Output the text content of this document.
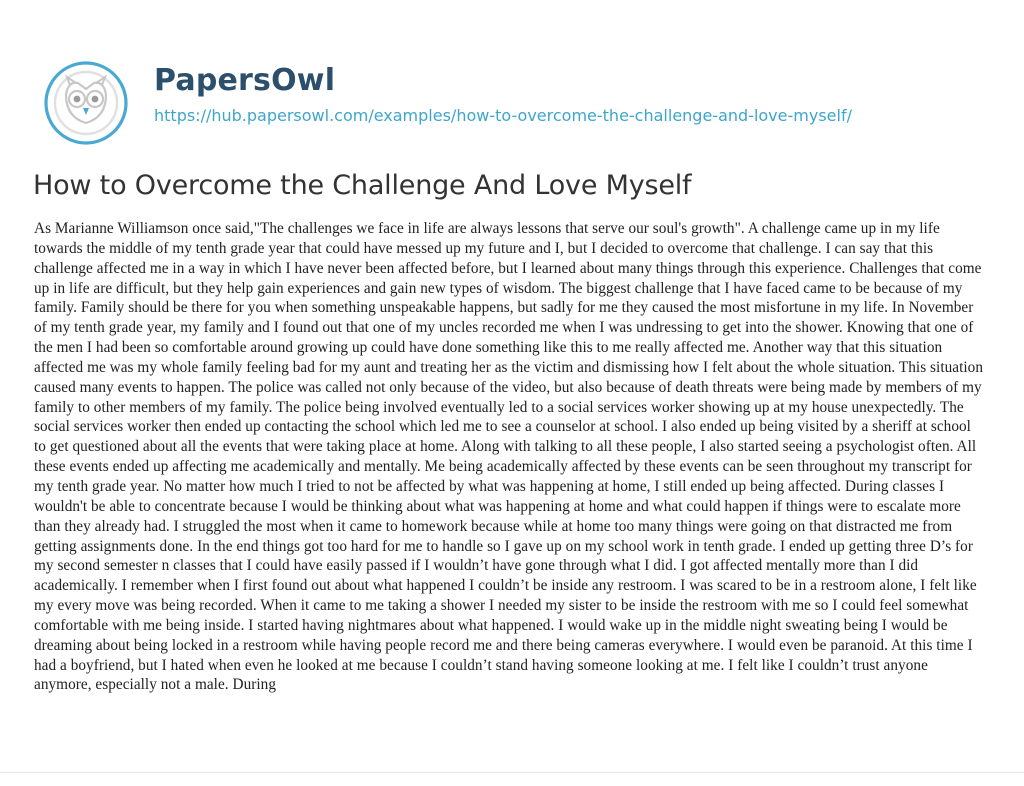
PapersOwl
https://hub.papersowl.com/examples/how-to-overcome-the-challenge-and-love-myself/
How to Overcome the Challenge And Love Myself

As Marianne Williamson once said,"The challenges we face in life are always lessons that serve our soul's growth". A challenge came up in my life towards the middle of my tenth grade year that could have messed up my future and I, but I decided to overcome that challenge. I can say that this challenge affected me in a way in which I have never been affected before, but I learned about many things through this experience. Challenges that come up in life are difficult, but they help gain experiences and gain new types of wisdom. The biggest challenge that I have faced came to be because of my family. Family should be there for you when something unspeakable happens, but sadly for me they caused the most misfortune in my life. In November of my tenth grade year, my family and I found out that one of my uncles recorded me when I was undressing to get into the shower. Knowing that one of the men I had been so comfortable around growing up could have done something like this to me really affected me. Another way that this situation affected me was my whole family feeling bad for my aunt and treating her as the victim and dismissing how I felt about the whole situation. This situation caused many events to happen. The police was called not only because of the video, but also because of death threats were being made by members of my family to other members of my family. The police being involved eventually led to a social services worker showing up at my house unexpectedly. The social services worker then ended up contacting the school which led me to see a counselor at school. I also ended up being visited by a sheriff at school to get questioned about all the events that were taking place at home. Along with talking to all these people, I also started seeing a psychologist often. All these events ended up affecting me academically and mentally. Me being academically affected by these events can be seen throughout my transcript for my tenth grade year. No matter how much I tried to not be affected by what was happening at home, I still ended up being affected. During classes I wouldn't be able to concentrate because I would be thinking about what was happening at home and what could happen if things were to escalate more than they already had. I struggled the most when it came to homework because while at home too many things were going on that distracted me from getting assignments done. In the end things got too hard for me to handle so I gave up on my school work in tenth grade. I ended up getting three D’s for my second semester n classes that I could have easily passed if I wouldn’t have gone through what I did. I got affected mentally more than I did academically. I remember when I first found out about what happened I couldn’t be inside any restroom. I was scared to be in a restroom alone, I felt like my every move was being recorded. When it came to me taking a shower I needed my sister to be inside the restroom with me so I could feel somewhat comfortable with me being inside. I started having nightmares about what happened. I would wake up in the middle night sweating being I would be dreaming about being locked in a restroom while having people record me and there being cameras everywhere. I would even be paranoid. At this time I had a boyfriend, but I hated when even he looked at me because I couldn’t stand having someone looking at me. I felt like I couldn’t trust anyone anymore, especially not a male. During
